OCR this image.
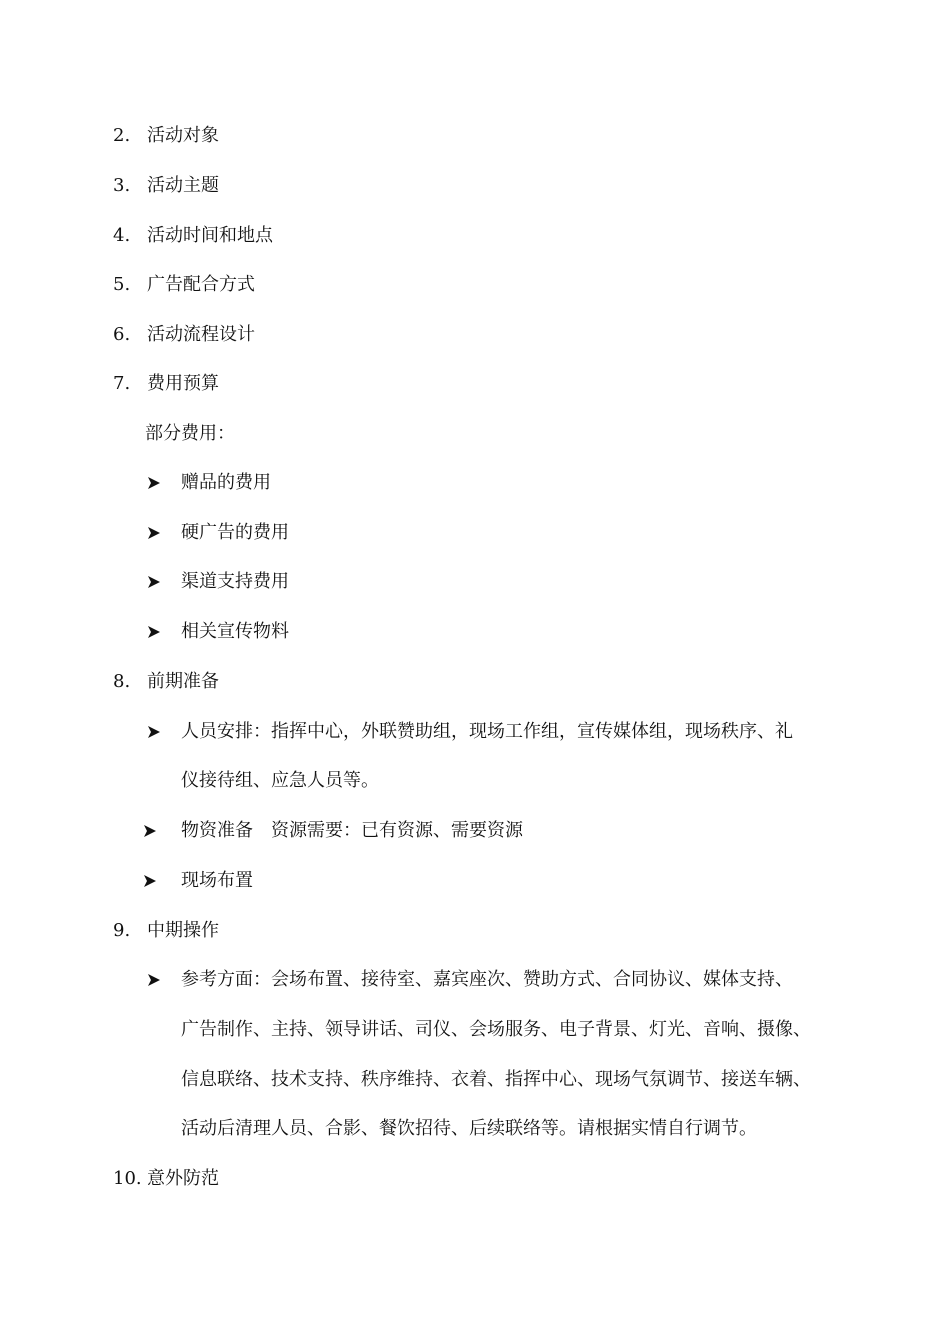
2. 活动对象
3. 活动主题
4. 活动时间和地点
5. 广告配合方式
6. 活动流程设计
7. 费用预算
部分费用：
赠品的费用
硬广告的费用
渠道支持费用
相关宣传物料
8. 前期准备
人员安排：指挥中心，外联赞助组，现场工作组，宣传媒体组，现场秩序、礼
仪接待组、应急人员等。
物资准备　资源需要：已有资源、需要资源
现场布置
9. 中期操作
参考方面：会场布置、接待室、嘉宾座次、赞助方式、合同协议、媒体支持、
广告制作、主持、领导讲话、司仪、会场服务、电子背景、灯光、音响、摄像、
信息联络、技术支持、秩序维持、衣着、指挥中心、现场气氛调节、接送车辆、
活动后清理人员、合影、餐饮招待、后续联络等。请根据实情自行调节。
10. 意外防范
